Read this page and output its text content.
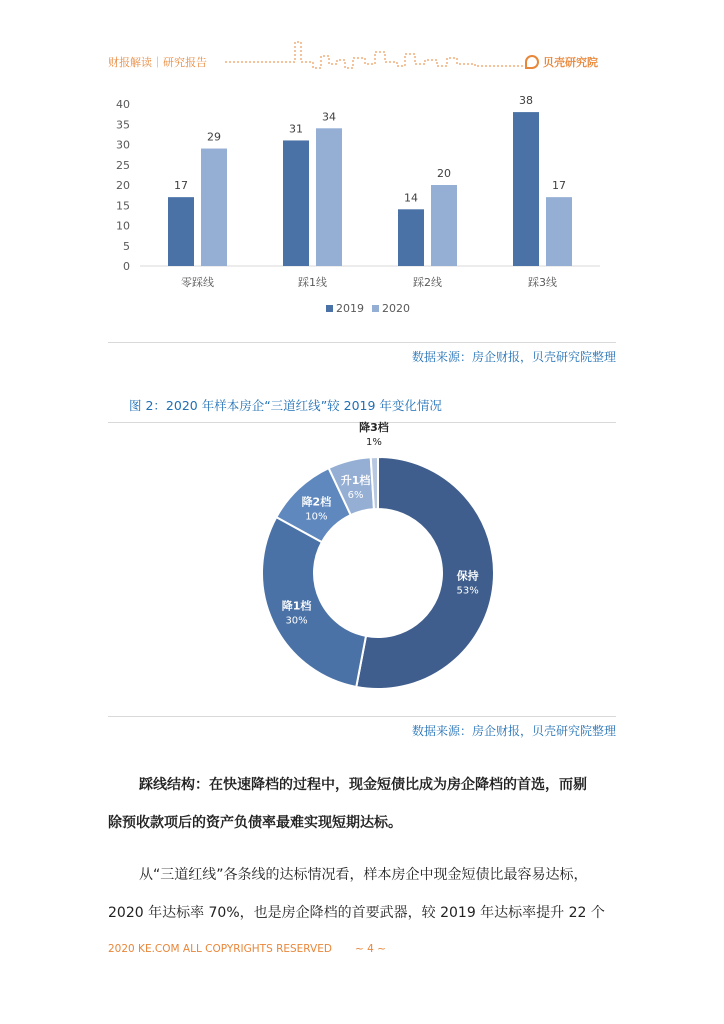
财报解读｜研究报告	贝壳研究院
0
5
10
15
20
25
30
35
40
17
29
零踩线
31
34
踩1线
14
20
踩2线
38
17
踩3线
2019 2020
数据来源：房企财报，贝壳研究院整理
图 2：2020 年样本房企“三道红线”较 2019 年变化情况
保持
53%
降1档
30%
降2档
10%
升1档
6%
降3档
1%
数据来源：房企财报，贝壳研究院整理
踩线结构：在快速降档的过程中，现金短债比成为房企降档的首选，而剔
除预收款项后的资产负债率最难实现短期达标。
从“三道红线”各条线的达标情况看，样本房企中现金短债比最容易达标，
2020 年达标率 70%，也是房企降档的首要武器，较 2019 年达标率提升 22 个
2020 KE.COM ALL COPYRIGHTS RESERVED ~ 4 ~
